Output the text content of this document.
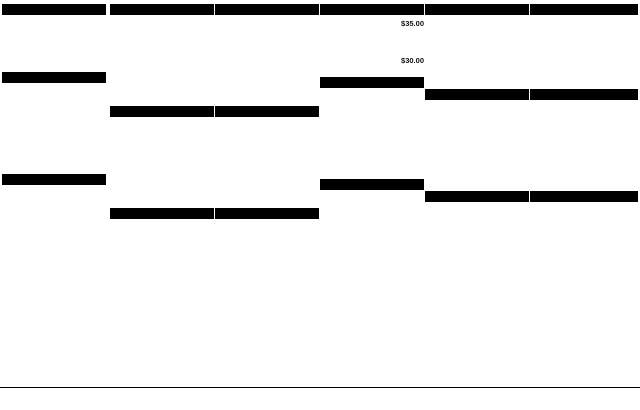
$35.00
$30.00
